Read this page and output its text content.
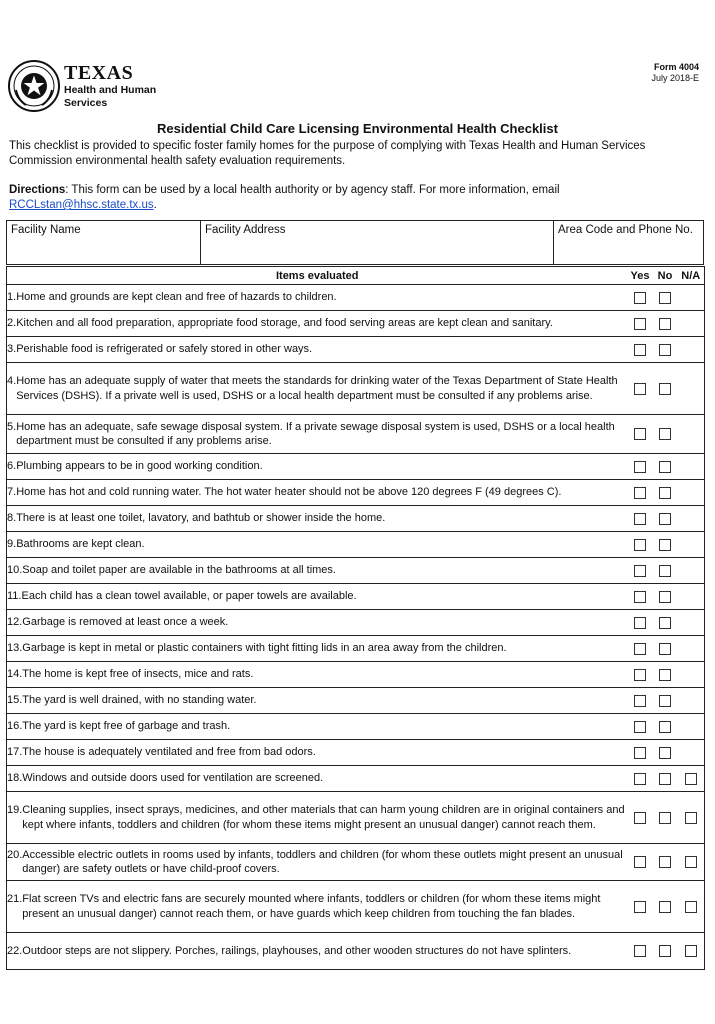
TEXAS
Health and Human
Services
Form 4004
July 2018-E
Residential Child Care Licensing Environmental Health Checklist
This checklist is provided to specific foster family homes for the purpose of complying with Texas Health and Human Services Commission environmental health safety evaluation requirements.
Directions: This form can be used by a local health authority or by agency staff. For more information, email RCCLstan@hhsc.state.tx.us.
Facility Name	Facility Address	Area Code and Phone No.
Items evaluated	Yes	No	N/A

1. Home and grounds are kept clean and free of hazards to children.			

2. Kitchen and all food preparation, appropriate food storage, and food serving areas are kept clean and sanitary.			

3. Perishable food is refrigerated or safely stored in other ways.			

4. Home has an adequate supply of water that meets the standards for drinking water of the Texas Department of State Health Services (DSHS). If a private well is used, DSHS or a local health department must be consulted if any problems arise.			

5. Home has an adequate, safe sewage disposal system. If a private sewage disposal system is used, DSHS or a local health department must be consulted if any problems arise.			

6. Plumbing appears to be in good working condition.			

7. Home has hot and cold running water. The hot water heater should not be above 120 degrees F (49 degrees C).			

8. There is at least one toilet, lavatory, and bathtub or shower inside the home.			

9. Bathrooms are kept clean.			

10. Soap and toilet paper are available in the bathrooms at all times.			

11. Each child has a clean towel available, or paper towels are available.			

12. Garbage is removed at least once a week.			

13. Garbage is kept in metal or plastic containers with tight fitting lids in an area away from the children.			

14. The home is kept free of insects, mice and rats.			

15. The yard is well drained, with no standing water.			

16. The yard is kept free of garbage and trash.			

17. The house is adequately ventilated and free from bad odors.			

18. Windows and outside doors used for ventilation are screened.			

19. Cleaning supplies, insect sprays, medicines, and other materials that can harm young children are in original containers and kept where infants, toddlers and children (for whom these items might present an unusual danger) cannot reach them.			

20. Accessible electric outlets in rooms used by infants, toddlers and children (for whom these outlets might present an unusual danger) are safety outlets or have child-proof covers.			

21. Flat screen TVs and electric fans are securely mounted where infants, toddlers or children (for whom these items might present an unusual danger) cannot reach them, or have guards which keep children from touching the fan blades.			

22. Outdoor steps are not slippery. Porches, railings, playhouses, and other wooden structures do not have splinters.			
